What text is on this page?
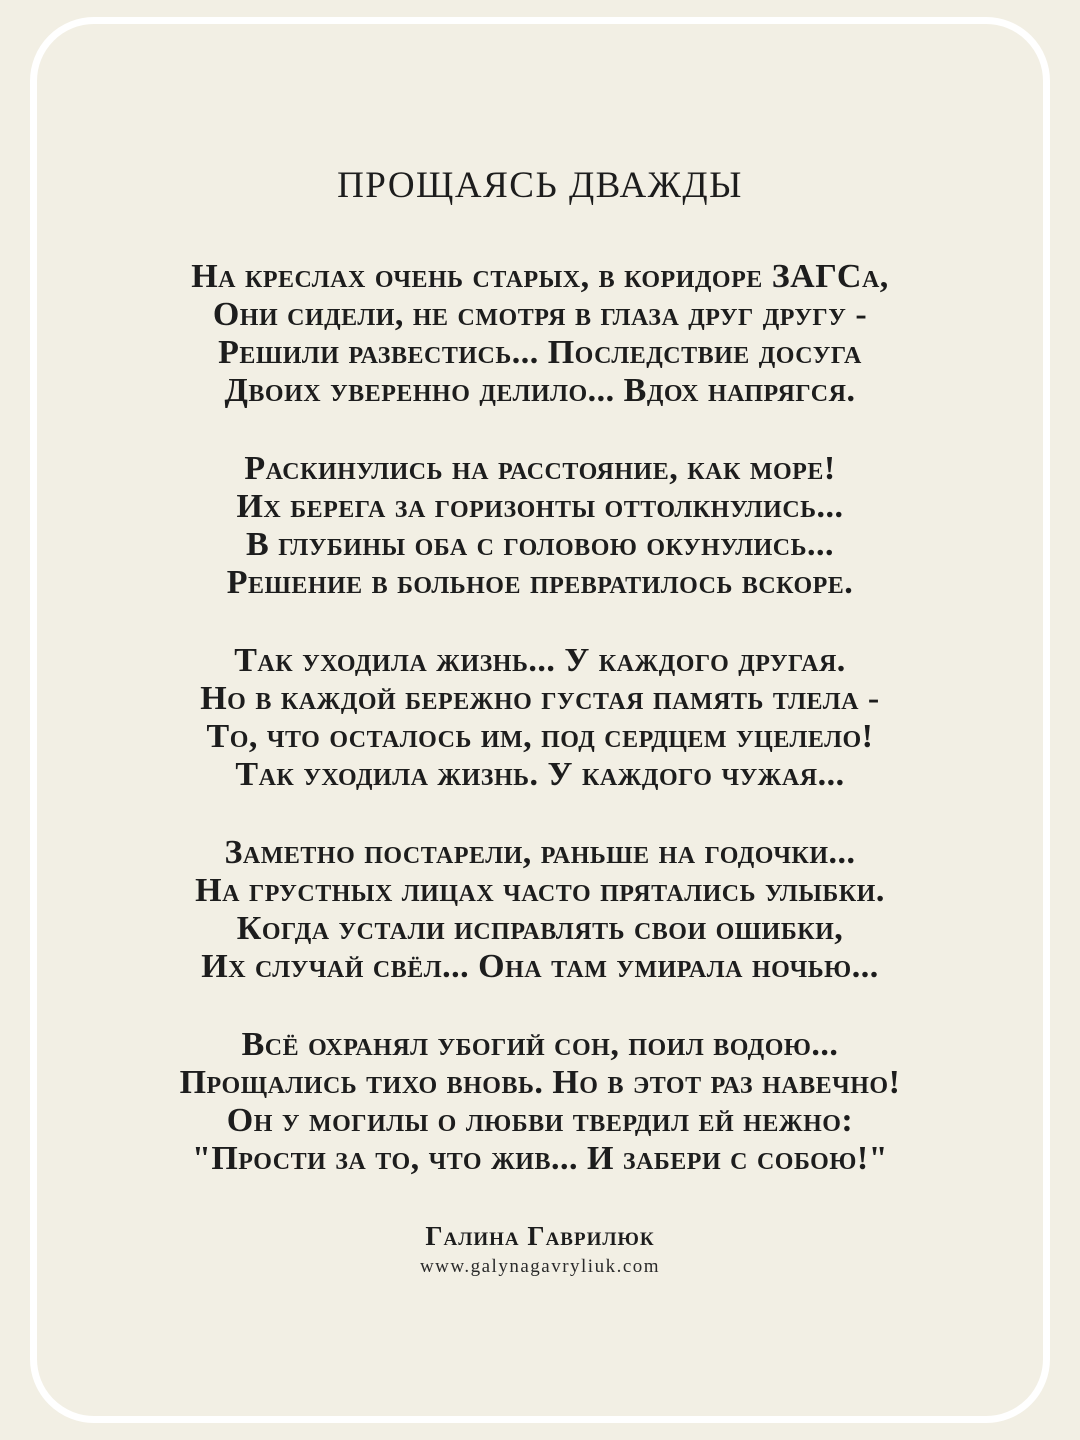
ПРОЩАЯСЬ ДВАЖДЫ

На креслах очень старых, в коридоре ЗАГСа,

Они сидели, не смотря в глаза друг другу -

Решили развестись... Последствие досуга

Двоих уверенно делило... Вдох напрягся.

Раскинулись на расстояние, как море!

Их берега за горизонты оттолкнулись...

В глубины оба с головою окунулись...

Решение в больное превратилось вскоре.

Так уходила жизнь... У каждого другая.

Но в каждой бережно густая память тлела -

То, что осталось им, под сердцем уцелело!

Так уходила жизнь. У каждого чужая...

Заметно постарели, раньше на годочки...

На грустных лицах часто прятались улыбки.

Когда устали исправлять свои ошибки,

Их случай свёл... Она там умирала ночью...

Всё охранял убогий сон, поил водою...

Прощались тихо вновь. Но в этот раз навечно!

Он у могилы о любви твердил ей нежно:

"Прости за то, что жив... И забери с собою!"

Галина Гаврилюк
www.galynagavryliuk.com
